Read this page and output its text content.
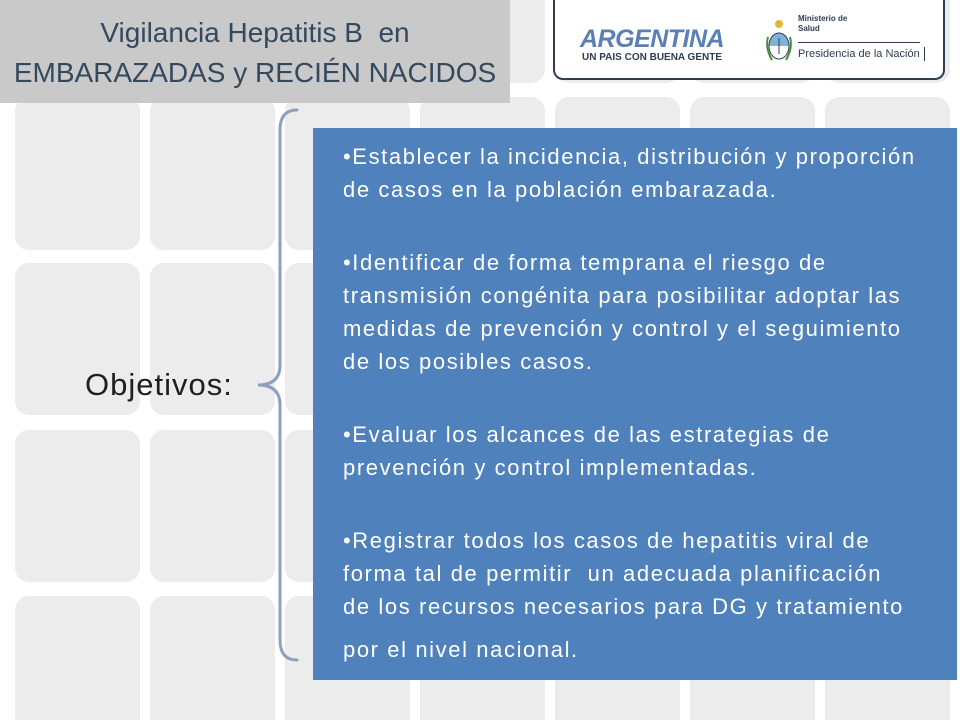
Vigilancia Hepatitis B  en
EMBARAZADAS y RECIÉN NACIDOS
ARGENTINA
UN PAIS CON BUENA GENTE
Ministerio de
Salud
Presidencia de la Nación
Objetivos:
•Establecer la incidencia, distribución y proporción
de casos en la población embarazada.
•Identificar de forma temprana el riesgo de
transmisión congénita para posibilitar adoptar las
medidas de prevención y control y el seguimiento
de los posibles casos.
•Evaluar los alcances de las estrategias de
prevención y control implementadas.
•Registrar todos los casos de hepatitis viral de
forma tal de permitir  un adecuada planificación
de los recursos necesarios para DG y tratamiento
por el nivel nacional.
